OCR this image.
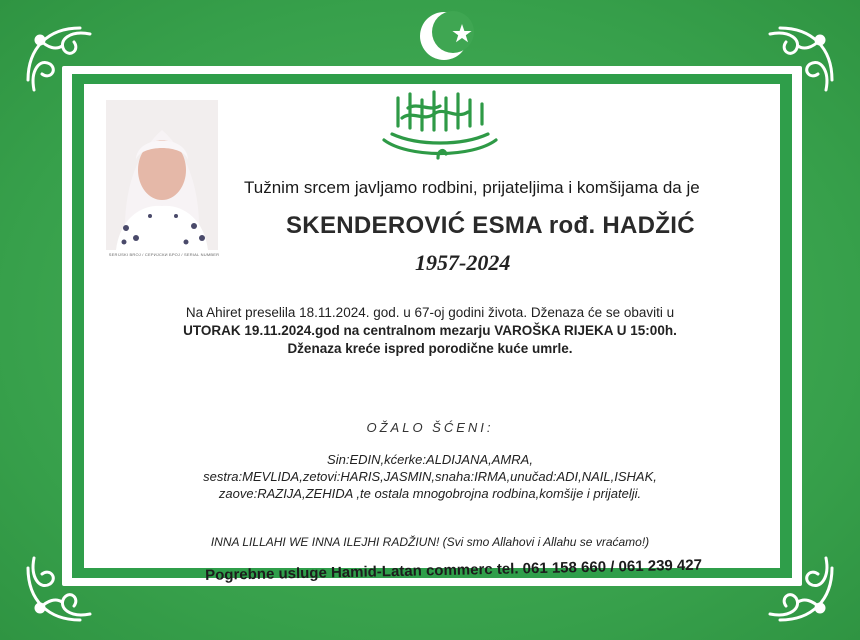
SERIJSKI BROJ / СЕРИЈСКИ БРОЈ / SERIAL NUMBER
Tužnim srcem javljamo rodbini, prijateljima i komšijama da je
SKENDEROVIĆ ESMA rođ. HADŽIĆ
1957-2024
Na Ahiret preselila 18.11.2024. god. u 67-oj godini života. Dženaza će se obaviti u
UTORAK 19.11.2024.god na centralnom mezarju VAROŠKA RIJEKA U 15:00h.
Dženaza kreće ispred porodične kuće umrle.
OŽALO ŠĆENI:
Sin:EDIN,kćerke:ALDIJANA,AMRA,
sestra:MEVLIDA,zetovi:HARIS,JASMIN,snaha:IRMA,unučad:ADI,NAIL,ISHAK,
zaove:RAZIJA,ZEHIDA ,te ostala mnogobrojna rodbina,komšije i prijatelji.
INNA LILLAHI WE INNA ILEJHI RADŽIUN! (Svi smo Allahovi i Allahu se vraćamo!)
Pogrebne usluge Hamid-Latan commerc tel. 061 158 660 / 061 239 427
